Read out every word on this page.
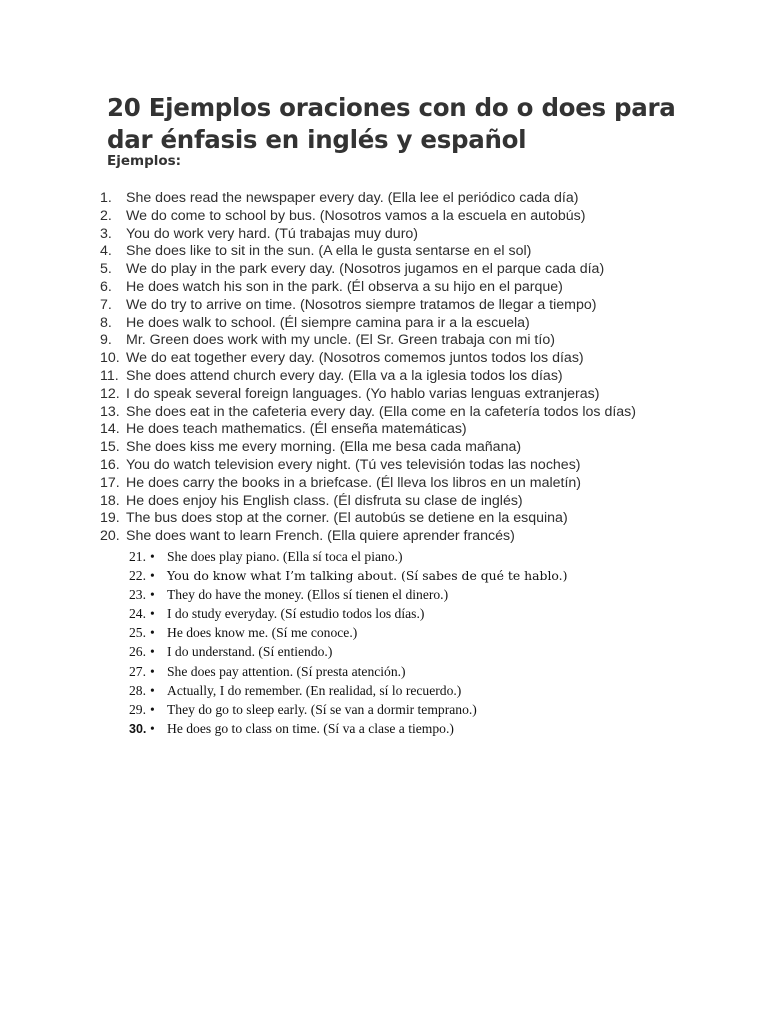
20 Ejemplos oraciones con do o does para dar énfasis en inglés y español

Ejemplos:

1. She does read the newspaper every day. (Ella lee el periódico cada día)
2. We do come to school by bus. (Nosotros vamos a la escuela en autobús)
3. You do work very hard. (Tú trabajas muy duro)
4. She does like to sit in the sun. (A ella le gusta sentarse en el sol)
5. We do play in the park every day. (Nosotros jugamos en el parque cada día)
6. He does watch his son in the park. (Él observa a su hijo en el parque)
7. We do try to arrive on time. (Nosotros siempre tratamos de llegar a tiempo)
8. He does walk to school. (Él siempre camina para ir a la escuela)
9. Mr. Green does work with my uncle. (El Sr. Green trabaja con mi tío)
10. We do eat together every day. (Nosotros comemos juntos todos los días)
11. She does attend church every day. (Ella va a la iglesia todos los días)
12. I do speak several foreign languages. (Yo hablo varias lenguas extranjeras)
13. She does eat in the cafeteria every day. (Ella come en la cafetería todos los días)
14. He does teach mathematics. (Él enseña matemáticas)
15. She does kiss me every morning. (Ella me besa cada mañana)
16. You do watch television every night. (Tú ves televisión todas las noches)
17. He does carry the books in a briefcase. (Él lleva los libros en un maletín)
18. He does enjoy his English class. (Él disfruta su clase de inglés)
19. The bus does stop at the corner. (El autobús se detiene en la esquina)
20. She does want to learn French. (Ella quiere aprender francés)
21. • She does play piano. (Ella sí toca el piano.)
22. • You do know what I’m talking about. (Sí sabes de qué te hablo.)
23. • They do have the money. (Ellos sí tienen el dinero.)
24. • I do study everyday. (Sí estudio todos los días.)
25. • He does know me. (Sí me conoce.)
26. • I do understand. (Sí entiendo.)
27. • She does pay attention. (Sí presta atención.)
28. • Actually, I do remember. (En realidad, sí lo recuerdo.)
29. • They do go to sleep early. (Sí se van a dormir temprano.)
30. • He does go to class on time. (Sí va a clase a tiempo.)
